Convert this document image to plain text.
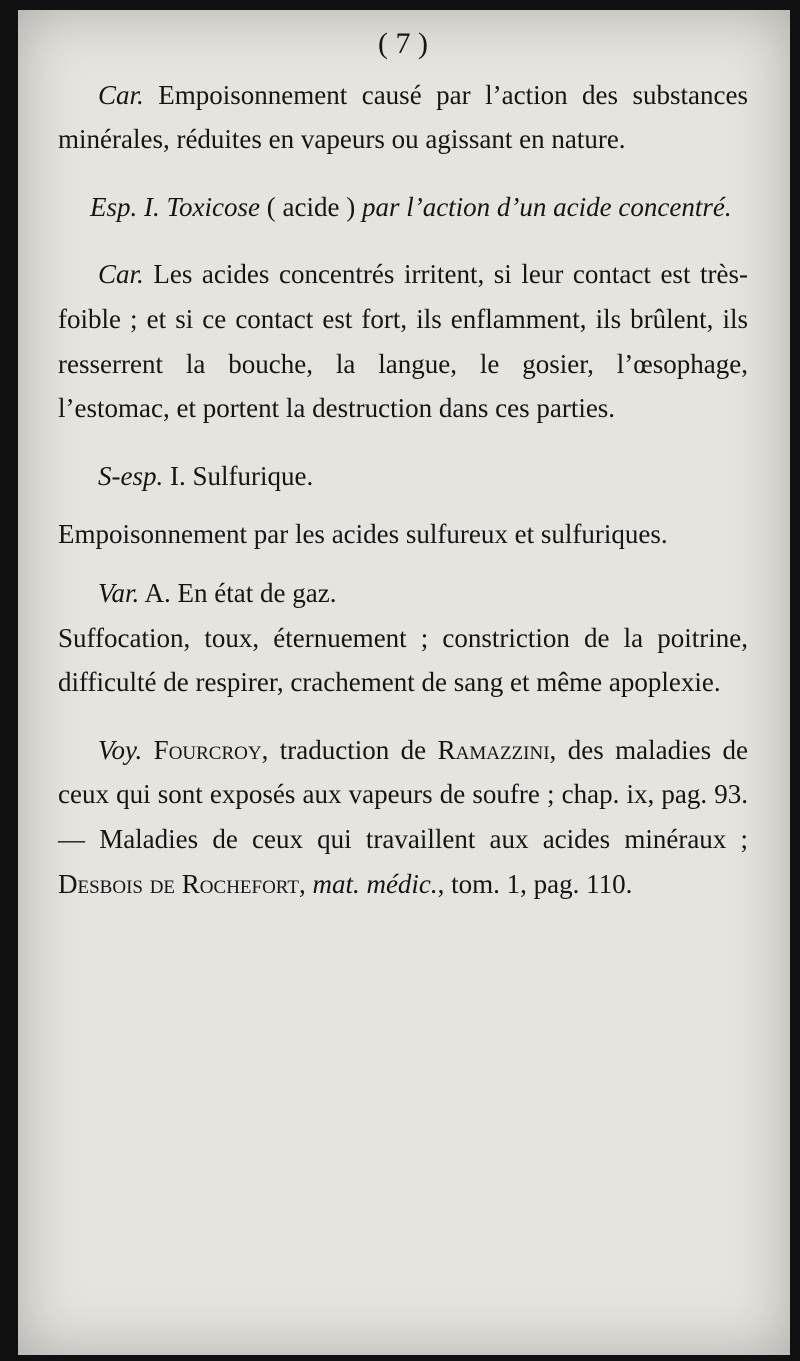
( 7 )

Car. Empoisonnement causé par l’action des substances minérales, réduites en vapeurs ou agissant en nature.

Esp. I. Toxicose ( acide ) par l’action d’un acide concentré.

Car. Les acides concentrés irritent, si leur contact est très-foible ; et si ce contact est fort, ils enflamment, ils brûlent, ils resserrent la bouche, la langue, le gosier, l’œsophage, l’estomac, et portent la destruction dans ces parties.

S-esp. I. Sulfurique.

Empoisonnement par les acides sulfureux et sulfuriques.

Var. A. En état de gaz.

Suffocation, toux, éternuement ; constriction de la poitrine, difficulté de respirer, crachement de sang et même apoplexie.

Voy. Fourcroy, traduction de Ramazzini, des maladies de ceux qui sont exposés aux vapeurs de soufre ; chap. ix, pag. 93. — Maladies de ceux qui travaillent aux acides minéraux ; Desbois de Rochefort, mat. médic., tom. 1, pag. 110.
